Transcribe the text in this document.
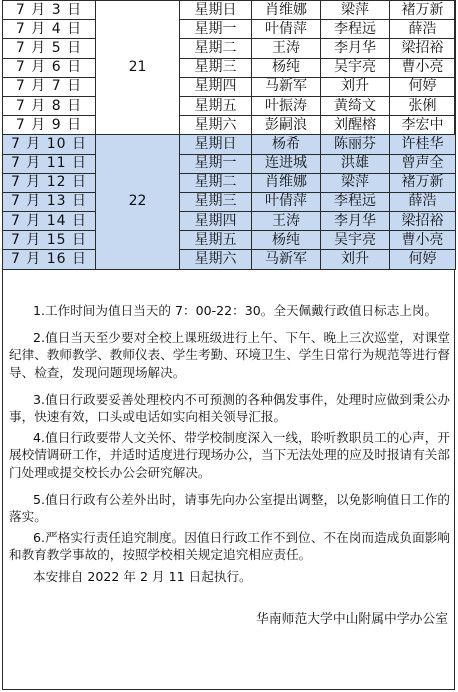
7 月 3 日	21	星期日	肖维娜	梁萍	褚万新
7 月 4 日		星期一	叶倩萍	李程远	薛浩
7 月 5 日		星期二	王涛	李月华	梁招裕
7 月 6 日		星期三	杨纯	吴宇亮	曹小亮
7 月 7 日		星期四	马新军	刘升	何婷
7 月 8 日		星期五	叶振涛	黄绮文	张俐
7 月 9 日		星期六	彭嗣浪	刘醒榕	李宏中
7 月 10 日	22	星期日	杨希	陈丽芬	许桂华
7 月 11 日		星期一	连进城	洪雄	曾声全
7 月 12 日		星期二	肖维娜	梁萍	褚万新
7 月 13 日		星期三	叶倩萍	李程远	薛浩
7 月 14 日		星期四	王涛	李月华	梁招裕
7 月 15 日		星期五	杨纯	吴宇亮	曹小亮
7 月 16 日		星期六	马新军	刘升	何婷
1.工作时间为值日当天的 7：00-22：30。全天佩戴行政值日标志上岗。
2.值日当天至少要对全校上课班级进行上午、下午、晚上三次巡堂，对课堂纪律、教师教学、教师仪表、学生考勤、环境卫生、学生日常行为规范等进行督导、检查，发现问题现场解决。
3.值日行政要妥善处理校内不可预测的各种偶发事件，处理时应做到秉公办事，快速有效，口头或电话如实向相关领导汇报。
4.值日行政要带人文关怀、带学校制度深入一线，聆听教职员工的心声，开展校情调研工作，并适时适度进行现场办公，当下无法处理的应及时报请有关部门处理或提交校长办公会研究解决。
5.值日行政有公差外出时，请事先向办公室提出调整，以免影响值日工作的落实。
6.严格实行责任追究制度。因值日行政工作不到位、不在岗而造成负面影响和教育教学事故的，按照学校相关规定追究相应责任。
本安排自 2022 年 2 月 11 日起执行。
华南师范大学中山附属中学办公室
